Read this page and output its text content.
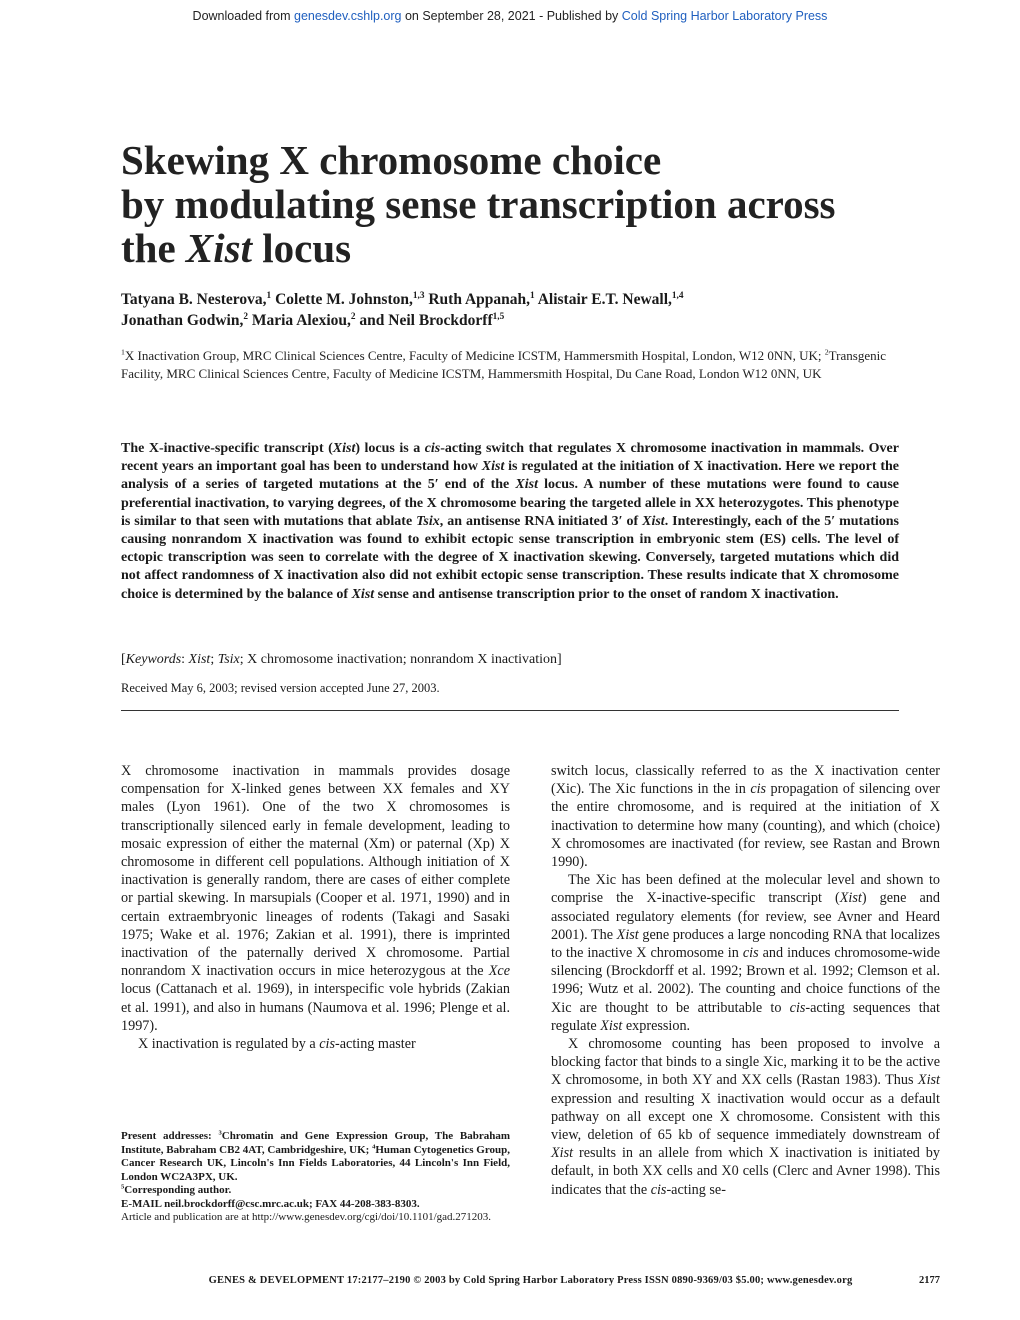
Downloaded from genesdev.cshlp.org on September 28, 2021 - Published by Cold Spring Harbor Laboratory Press
Skewing X chromosome choice
by modulating sense transcription across
the Xist locus
Tatyana B. Nesterova,$^1$ Colette M. Johnston,$^{1,3}$ Ruth Appanah,$^1$ Alistair E.T. Newall,$^{1,4}$
Jonathan Godwin,$^2$ Maria Alexiou,$^2$ and Neil Brockdorff$^{1,5}$
$^1$X Inactivation Group, MRC Clinical Sciences Centre, Faculty of Medicine ICSTM, Hammersmith Hospital, London, W12 0NN, UK; $^2$Transgenic Facility, MRC Clinical Sciences Centre, Faculty of Medicine ICSTM, Hammersmith Hospital, Du Cane Road, London W12 0NN, UK
The X-inactive-specific transcript (Xist) locus is a cis-acting switch that regulates X chromosome inactivation in mammals. Over recent years an important goal has been to understand how Xist is regulated at the initiation of X inactivation. Here we report the analysis of a series of targeted mutations at the 5′ end of the Xist locus. A number of these mutations were found to cause preferential inactivation, to varying degrees, of the X chromosome bearing the targeted allele in XX heterozygotes. This phenotype is similar to that seen with mutations that ablate Tsix, an antisense RNA initiated 3′ of Xist. Interestingly, each of the 5′ mutations causing nonrandom X inactivation was found to exhibit ectopic sense transcription in embryonic stem (ES) cells. The level of ectopic transcription was seen to correlate with the degree of X inactivation skewing. Conversely, targeted mutations which did not affect randomness of X inactivation also did not exhibit ectopic sense transcription. These results indicate that X chromosome choice is determined by the balance of Xist sense and antisense transcription prior to the onset of random X inactivation.
[Keywords: Xist; Tsix; X chromosome inactivation; nonrandom X inactivation]
Received May 6, 2003; revised version accepted June 27, 2003.

X chromosome inactivation in mammals provides dosage compensation for X-linked genes between XX females and XY males (Lyon 1961). One of the two X chromosomes is transcriptionally silenced early in female development, leading to mosaic expression of either the maternal (Xm) or paternal (Xp) X chromosome in different cell populations. Although initiation of X inactivation is generally random, there are cases of either complete or partial skewing. In marsupials (Cooper et al. 1971, 1990) and in certain extraembryonic lineages of rodents (Takagi and Sasaki 1975; Wake et al. 1976; Zakian et al. 1991), there is imprinted inactivation of the paternally derived X chromosome. Partial nonrandom X inactivation occurs in mice heterozygous at the Xce locus (Cattanach et al. 1969), in interspecific vole hybrids (Zakian et al. 1991), and also in humans (Naumova et al. 1996; Plenge et al. 1997).

X inactivation is regulated by a cis-acting master

Present addresses: $^3$Chromatin and Gene Expression Group, The Babraham Institute, Babraham CB2 4AT, Cambridgeshire, UK; $^4$Human Cytogenetics Group, Cancer Research UK, Lincoln's Inn Fields Laboratories, 44 Lincoln's Inn Field, London WC2A3PX, UK.
$^5$Corresponding author.
E-MAIL neil.brockdorff@csc.mrc.ac.uk; FAX 44-208-383-8303.
Article and publication are at http://www.genesdev.org/cgi/doi/10.1101/gad.271203.

switch locus, classically referred to as the X inactivation center (Xic). The Xic functions in the in cis propagation of silencing over the entire chromosome, and is required at the initiation of X inactivation to determine how many (counting), and which (choice) X chromosomes are inactivated (for review, see Rastan and Brown 1990).

The Xic has been defined at the molecular level and shown to comprise the X-inactive-specific transcript (Xist) gene and associated regulatory elements (for review, see Avner and Heard 2001). The Xist gene produces a large noncoding RNA that localizes to the inactive X chromosome in cis and induces chromosome-wide silencing (Brockdorff et al. 1992; Brown et al. 1992; Clemson et al. 1996; Wutz et al. 2002). The counting and choice functions of the Xic are thought to be attributable to cis-acting sequences that regulate Xist expression.

X chromosome counting has been proposed to involve a blocking factor that binds to a single Xic, marking it to be the active X chromosome, in both XY and XX cells (Rastan 1983). Thus Xist expression and resulting X inactivation would occur as a default pathway on all except one X chromosome. Consistent with this view, deletion of 65 kb of sequence immediately downstream of Xist results in an allele from which X inactivation is initiated by default, in both XX cells and X0 cells (Clerc and Avner 1998). This indicates that the cis-acting se-

GENES & DEVELOPMENT 17:2177–2190 © 2003 by Cold Spring Harbor Laboratory Press ISSN 0890-9369/03 $5.00; www.genesdev.org	2177
